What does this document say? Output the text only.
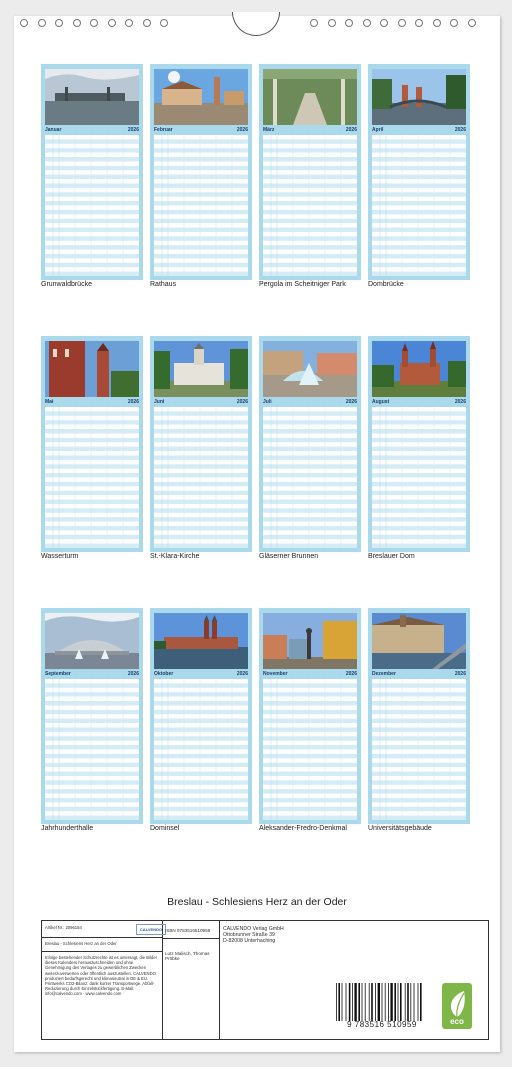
Januar	2026
Grunwaldbrücke
Februar	2026
Rathaus
März	2026
Pergola im Scheitniger Park
April	2026
Dombrücke
Mai	2026
Wasserturm
Juni	2026
St.-Klara-Kirche
Juli	2026
Gläserner Brunnen
August	2026
Breslauer Dom
September	2026
Jahrhunderthalle
Oktober	2026
Dominsel
November	2026
Aleksander-Fredro-Denkmal
Dezember	2026
Universitätsgebäude
Breslau - Schlesiens Herz an der Oder
Artikel Nr.: 2096184	CALVENDO
Breslau - Schlesiens Herz an der Oder
Infolge bestehender Schutzrechte ist es untersagt, die Bilder dieses Kalenders herauszuschneiden und ohne Genehmigung des Verlages zu gewerblichen Zwecken weiterzuverwerten oder öffentlich auszustellen. CALVENDO produziert bedarfsgerecht und klimaneutral in DE & EU. Printwerks CO2-Bilanz: dank kurzer Transportwege. Abfall-Reduzierung durch Einzelstückfertigung. E-Mail: info@calvendo.com · www.calvendo.com
ISBN 9783516510959
Lutz Malisch, Thomas Pröbke
CALVENDO Verlag GmbH
Ottobrunner Straße 39
D-82008 Unterhaching
9 783516 510959	eco
